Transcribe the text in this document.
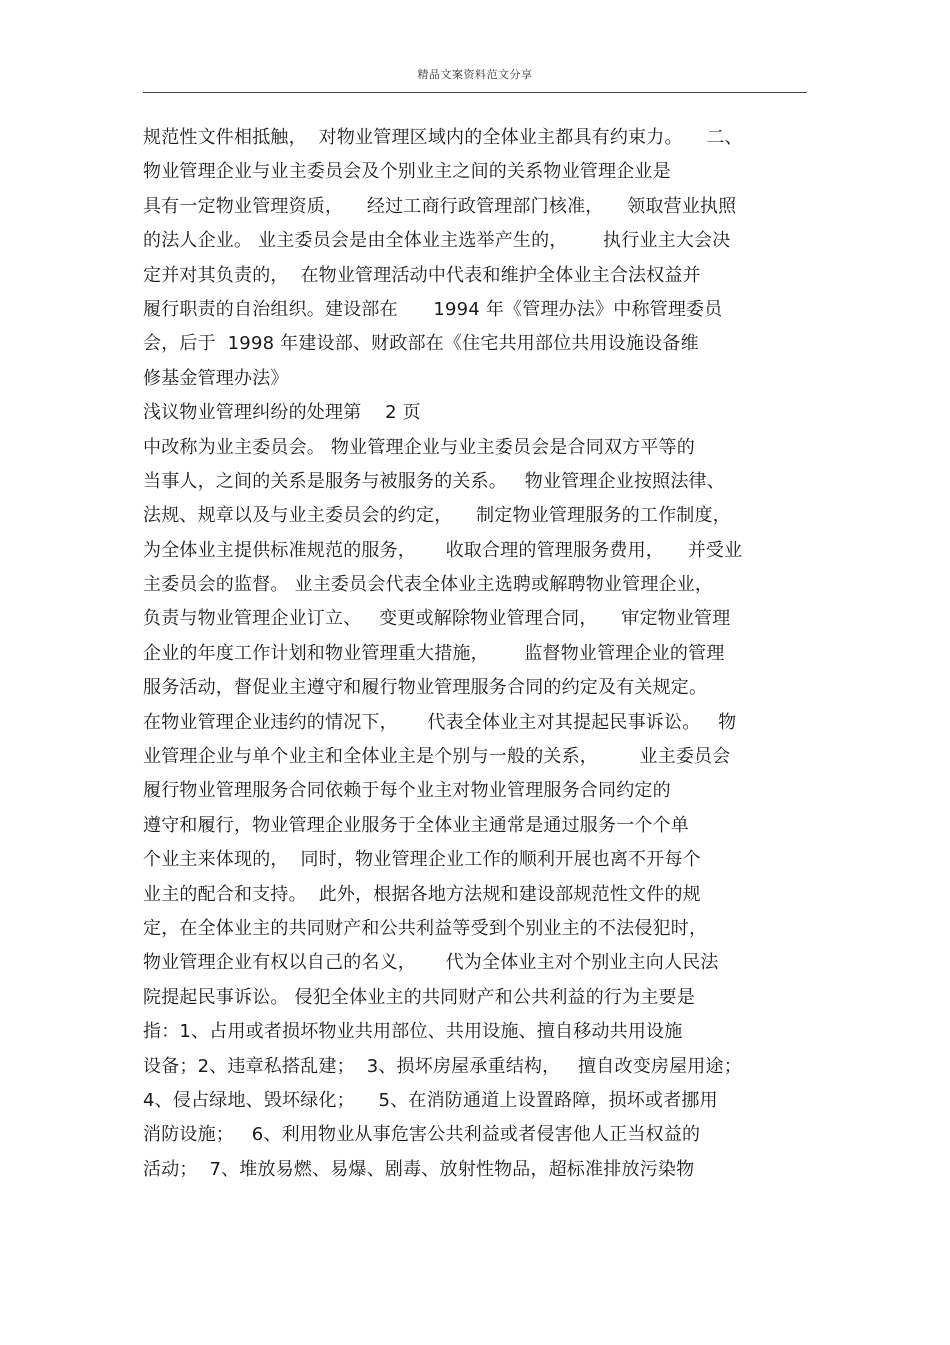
精品文案资料范文分享
规范性文件相抵触，  对物业管理区域内的全体业主都具有约束力。    二、
物业管理企业与业主委员会及个别业主之间的关系物业管理企业是
具有一定物业管理资质，    经过工商行政管理部门核准，    领取营业执照
的法人企业。 业主委员会是由全体业主选举产生的，      执行业主大会决
定并对其负责的，  在物业管理活动中代表和维护全体业主合法权益并
履行职责的自治组织。建设部在      1994 年《管理办法》中称管理委员
会，后于  1998 年建设部、财政部在《住宅共用部位共用设施设备维
修基金管理办法》
浅议物业管理纠纷的处理第    2 页
中改称为业主委员会。 物业管理企业与业主委员会是合同双方平等的
当事人，之间的关系是服务与被服务的关系。   物业管理企业按照法律、
法规、规章以及与业主委员会的约定，    制定物业管理服务的工作制度，
为全体业主提供标准规范的服务，     收取合理的管理服务费用，    并受业
主委员会的监督。 业主委员会代表全体业主选聘或解聘物业管理企业，
负责与物业管理企业订立、   变更或解除物业管理合同，    审定物业管理
企业的年度工作计划和物业管理重大措施，      监督物业管理企业的管理
服务活动，督促业主遵守和履行物业管理服务合同的约定及有关规定。
在物业管理企业违约的情况下，     代表全体业主对其提起民事诉讼。   物
业管理企业与单个业主和全体业主是个别与一般的关系，       业主委员会
履行物业管理服务合同依赖于每个业主对物业管理服务合同约定的
遵守和履行，物业管理企业服务于全体业主通常是通过服务一个个单
个业主来体现的，  同时，物业管理企业工作的顺利开展也离不开每个
业主的配合和支持。  此外，根据各地方法规和建设部规范性文件的规
定，在全体业主的共同财产和公共利益等受到个别业主的不法侵犯时，
物业管理企业有权以自己的名义，     代为全体业主对个别业主向人民法
院提起民事诉讼。 侵犯全体业主的共同财产和公共利益的行为主要是
指：1、占用或者损坏物业共用部位、共用设施、擅自移动共用设施
设备；2、违章私搭乱建；  3、损坏房屋承重结构，   擅自改变房屋用途；
4、侵占绿地、毁坏绿化；    5、在消防通道上设置路障，损坏或者挪用
消防设施；   6、利用物业从事危害公共利益或者侵害他人正当权益的
活动；  7、堆放易燃、易爆、剧毒、放射性物品，超标准排放污染物
